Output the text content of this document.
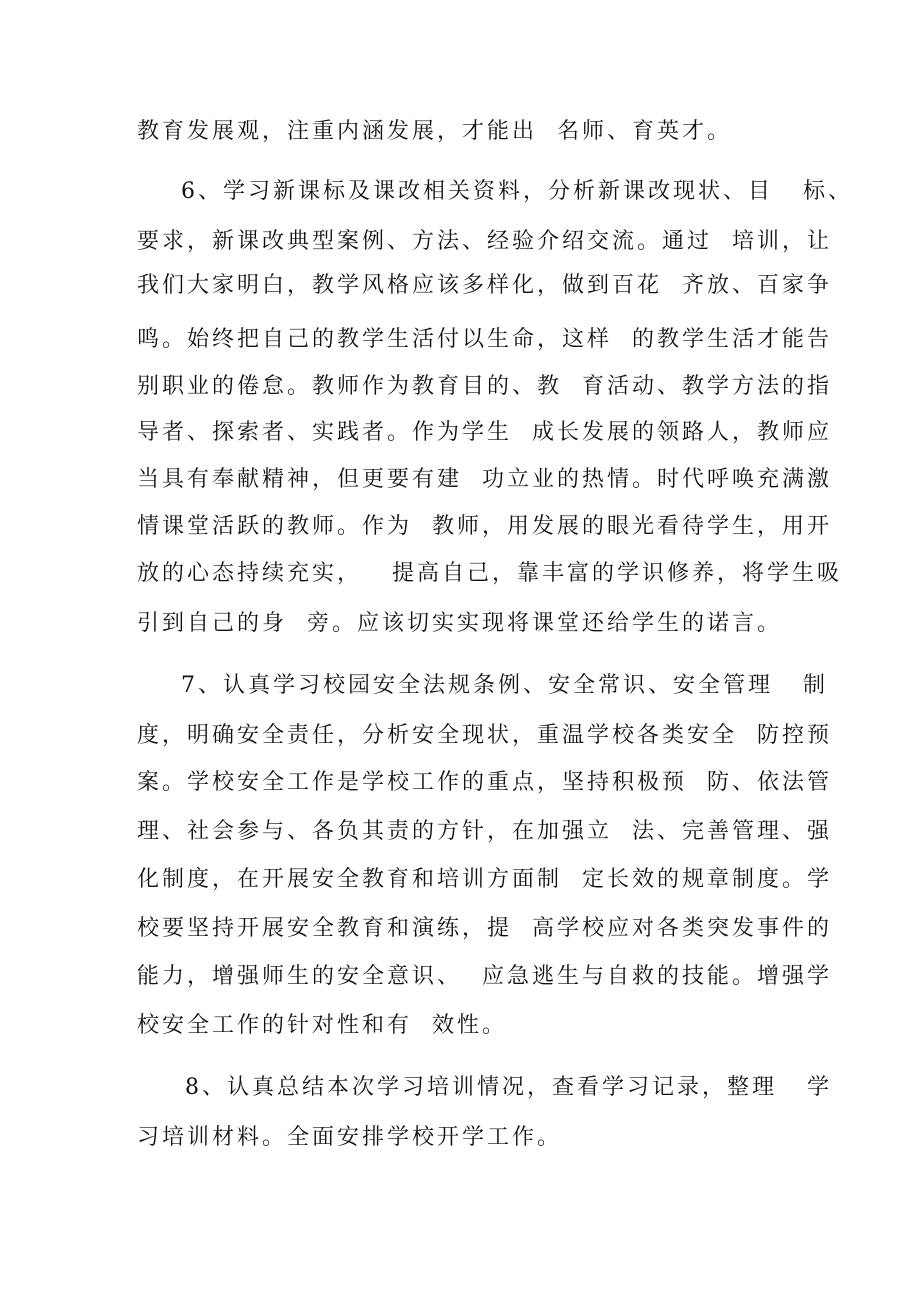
教育发展观，注重内涵发展，才能出  名师、育英才。
6、学习新课标及课改相关资料，分析新课改现状、目   标、
要求，新课改典型案例、方法、经验介绍交流。通过  培训，让
我们大家明白，教学风格应该多样化，做到百花  齐放、百家争
鸣。始终把自己的教学生活付以生命，这样  的教学生活才能告
别职业的倦怠。教师作为教育目的、教  育活动、教学方法的指
导者、探索者、实践者。作为学生  成长发展的领路人，教师应
当具有奉献精神，但更要有建  功立业的热情。时代呼唤充满激
情课堂活跃的教师。作为  教师，用发展的眼光看待学生，用开
放的心态持续充实，   提高自己，靠丰富的学识修养，将学生吸
引到自己的身  旁。应该切实实现将课堂还给学生的诺言。
7、认真学习校园安全法规条例、安全常识、安全管理   制
度，明确安全责任，分析安全现状，重温学校各类安全  防控预
案。学校安全工作是学校工作的重点，坚持积极预  防、依法管
理、社会参与、各负其责的方针，在加强立  法、完善管理、强
化制度，在开展安全教育和培训方面制  定长效的规章制度。学
校要坚持开展安全教育和演练，提  高学校应对各类突发事件的
能力，增强师生的安全意识、  应急逃生与自救的技能。增强学
校安全工作的针对性和有  效性。
8、认真总结本次学习培训情况，查看学习记录，整理   学
习培训材料。全面安排学校开学工作。
